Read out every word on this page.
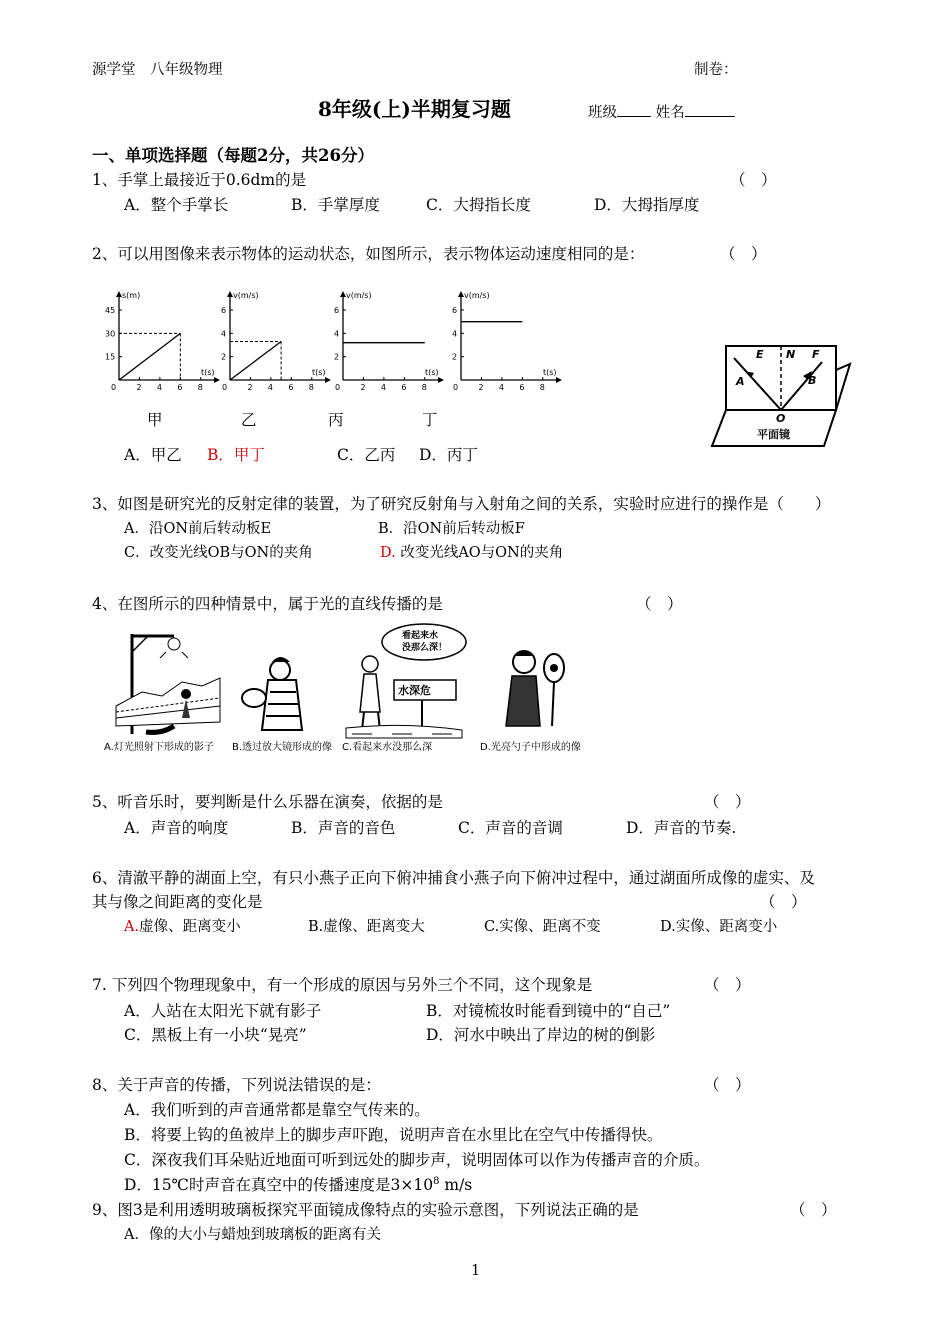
源学堂　八年级物理	制卷：
8年级(上)半期复习题	班级	姓名
一、单项选择题（每题2分，共26分）
1、手掌上最接近于0.6dm的是	（　）
A．整个手掌长	B．手掌厚度	C．大拇指长度	D．大拇指厚度
2、可以用图像来表示物体的运动状态，如图所示，表示物体运动速度相同的是：	（　）
s(m)
t(s)
0	2 4 6 8
45
30
15
v(m/s)
t(s)
0	2 4 6 8
6
4
2
v(m/s)
t(s)
0	2 4 6 8
6
4
2
v(m/s)
t(s)
0	2 4 6 8
6
4
2
甲	乙	丙	丁
A．甲乙 B．甲丁	C．乙丙 D．丙丁
E N F
A	B
O
平面镜
3、如图是研究光的反射定律的装置，为了研究反射角与入射角之间的关系，实验时应进行的操作是（　　）
A．沿ON前后转动板E	B．沿ON前后转动板F
C．改变光线OB与ON的夹角	D. 改变光线AO与ON的夹角
4、在图所示的四种情景中，属于光的直线传播的是	（　）
A.灯光照射下形成的影子 B.透过放大镜形成的像
看起来水
没那么深！
水深危
C.看起来水没那么深	D.光亮勺子中形成的像
5、听音乐时，要判断是什么乐器在演奏，依据的是	（　）
A．声音的响度	B．声音的音色	C．声音的音调	D．声音的节奏.
6、清澈平静的湖面上空，有只小燕子正向下俯冲捕食小燕子向下俯冲过程中，通过湖面所成像的虚实、及
其与像之间距离的变化是	（　）
A.虚像、距离变小	B.虚像、距离变大	C.实像、距离不变	D.实像、距离变小
7. 下列四个物理现象中，有一个形成的原因与另外三个不同，这个现象是	（　）
A．人站在太阳光下就有影子	B．对镜梳妆时能看到镜中的“自己”
C．黑板上有一小块“晃亮”	D．河水中映出了岸边的树的倒影
8、关于声音的传播，下列说法错误的是：	（　）
A．我们听到的声音通常都是靠空气传来的。
B．将要上钩的鱼被岸上的脚步声吓跑，说明声音在水里比在空气中传播得快。
C．深夜我们耳朵贴近地面可听到远处的脚步声，说明固体可以作为传播声音的介质。
D．15℃时声音在真空中的传播速度是$3\times 10^8$ m/s
9、图3是利用透明玻璃板探究平面镜成像特点的实验示意图，下列说法正确的是	（　）
A．像的大小与蜡烛到玻璃板的距离有关
1
